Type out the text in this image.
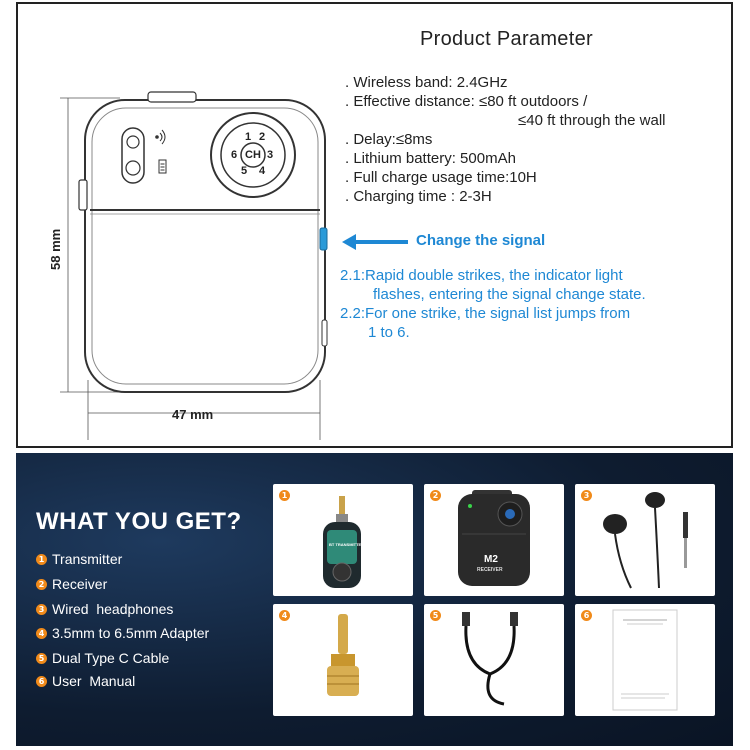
CH
1 2
3
4
5
6
58 mm
47 mm
Product Parameter
. Wireless band: 2.4GHz
. Effective distance: ≤80 ft outdoors /
≤40 ft through the wall
. Delay:≤8ms
. Lithium battery: 500mAh
. Full charge usage time:10H
. Charging time : 2-3H
Change the signal
2.1:Rapid double strikes, the indicator light
flashes, entering the signal change state.
2.2:For one strike, the signal list jumps from
1 to 6.
WHAT YOU GET?
1 Transmitter
2 Receiver
3 Wired  headphones
4 3.5mm to 6.5mm Adapter
5 Dual Type C Cable
6 User  Manual
1
BT TRANSMITTER
2
M2
RECEIVER
3
4	5	6
